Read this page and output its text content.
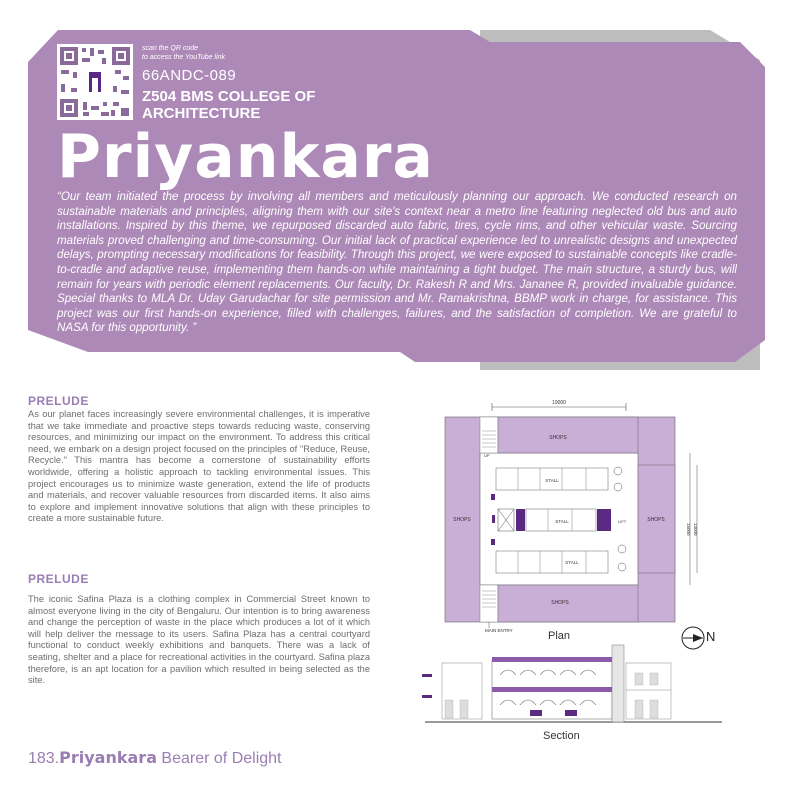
scan the QR code
to access the YouTube link
66ANDC-089
Z504 BMS COLLEGE OF ARCHITECTURE
Priyankara
“Our team initiated the process by involving all members and meticulously planning our approach. We conducted research on sustainable materials and principles, aligning them with our site's context near a metro line featuring neglected old bus and auto installations. Inspired by this theme, we repurposed discarded auto fabric, tires, cycle rims, and other vehicular waste. Sourcing materials proved challenging and time-consuming. Our initial lack of practical experience led to unrealistic designs and unexpected delays, prompting necessary modifications for feasibility. Through this project, we were exposed to sustainable concepts like cradle-to-cradle and adaptive reuse, implementing them hands-on while maintaining a tight budget. The main structure, a sturdy bus, will remain for years with periodic element replacements. Our faculty, Dr. Rakesh R and Mrs. Jananee R, provided invaluable guidance. Special thanks to MLA Dr. Uday Garudachar for site permission and Mr. Ramakrishna, BBMP work in charge, for assistance. This project was our first hands-on experience, filled with challenges, failures, and the satisfaction of completion. We are grateful to NASA for this opportunity. ”
PRELUDE
As our planet faces increasingly severe environmental challenges, it is imperative that we take immediate and proactive steps towards reducing waste, conserving resources, and minimizing our impact on the environment. To address this critical need, we embark on a design project focused on the principles of "Reduce, Reuse, Recycle." This mantra has become a cornerstone of sustainability efforts worldwide, offering a holistic approach to tackling environmental issues. This project encourages us to minimize waste generation, extend the life of products and materials, and recover valuable resources from discarded items. It also aims to explore and implement innovative solutions that align with these principles to create a more sustainable future.
PRELUDE
The iconic Safina Plaza is a clothing complex in Commercial Street known to almost everyone living in the city of Bengaluru. Our intention is to bring awareness and change the perception of waste in the place which produces a lot of it which will help deliver the message to its users. Safina Plaza has a central courtyard functional to conduct weekly exhibitions and banquets. There was a lack of seating, shelter and a place for recreational activities in the courtyard. Safina plaza therefore, is an apt location for a pavilion which resulted in being selected as the site.
19000
SHOPS
SHOPS
SHOPS	SHOPS
UP
STALL
STALL
STALL
LIFT
15000 13000
MAIN ENTRY	Plan
Section
N
183.Priyankara Bearer of Delight
